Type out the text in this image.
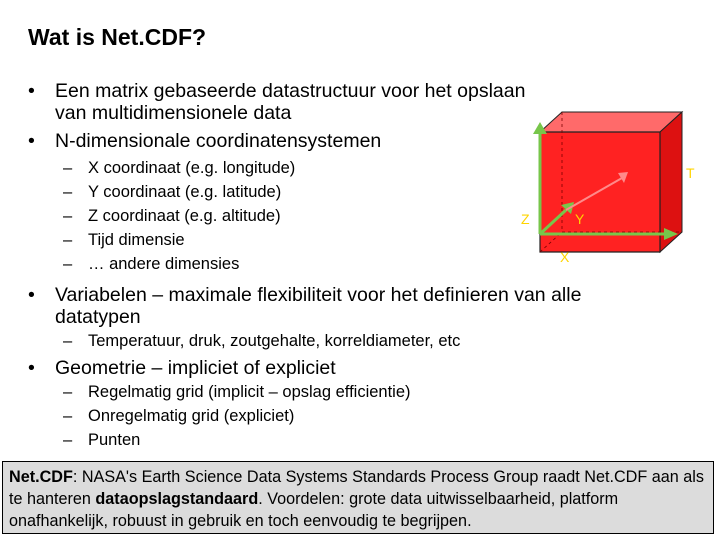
Wat is Net.CDF?
• Een matrix gebaseerde datastructuur voor het opslaan van multidimensionele data
• N-dimensionale coordinatensystemen
– X coordinaat (e.g. longitude)
– Y coordinaat (e.g. latitude)
– Z coordinaat (e.g. altitude)
– Tijd dimensie
– … andere dimensies
• Variabelen – maximale flexibiliteit voor het definieren van alle datatypen
– Temperatuur, druk, zoutgehalte, korreldiameter, etc
• Geometrie – impliciet of expliciet
– Regelmatig grid (implicit – opslag efficientie)
– Onregelmatig grid (expliciet)
– Punten
T
Z	Y
X
Net.CDF: NASA's Earth Science Data Systems Standards Process Group raadt Net.CDF aan als te hanteren dataopslagstandaard. Voordelen: grote data uitwisselbaarheid, platform onafhankelijk, robuust in gebruik en toch eenvoudig te begrijpen.
